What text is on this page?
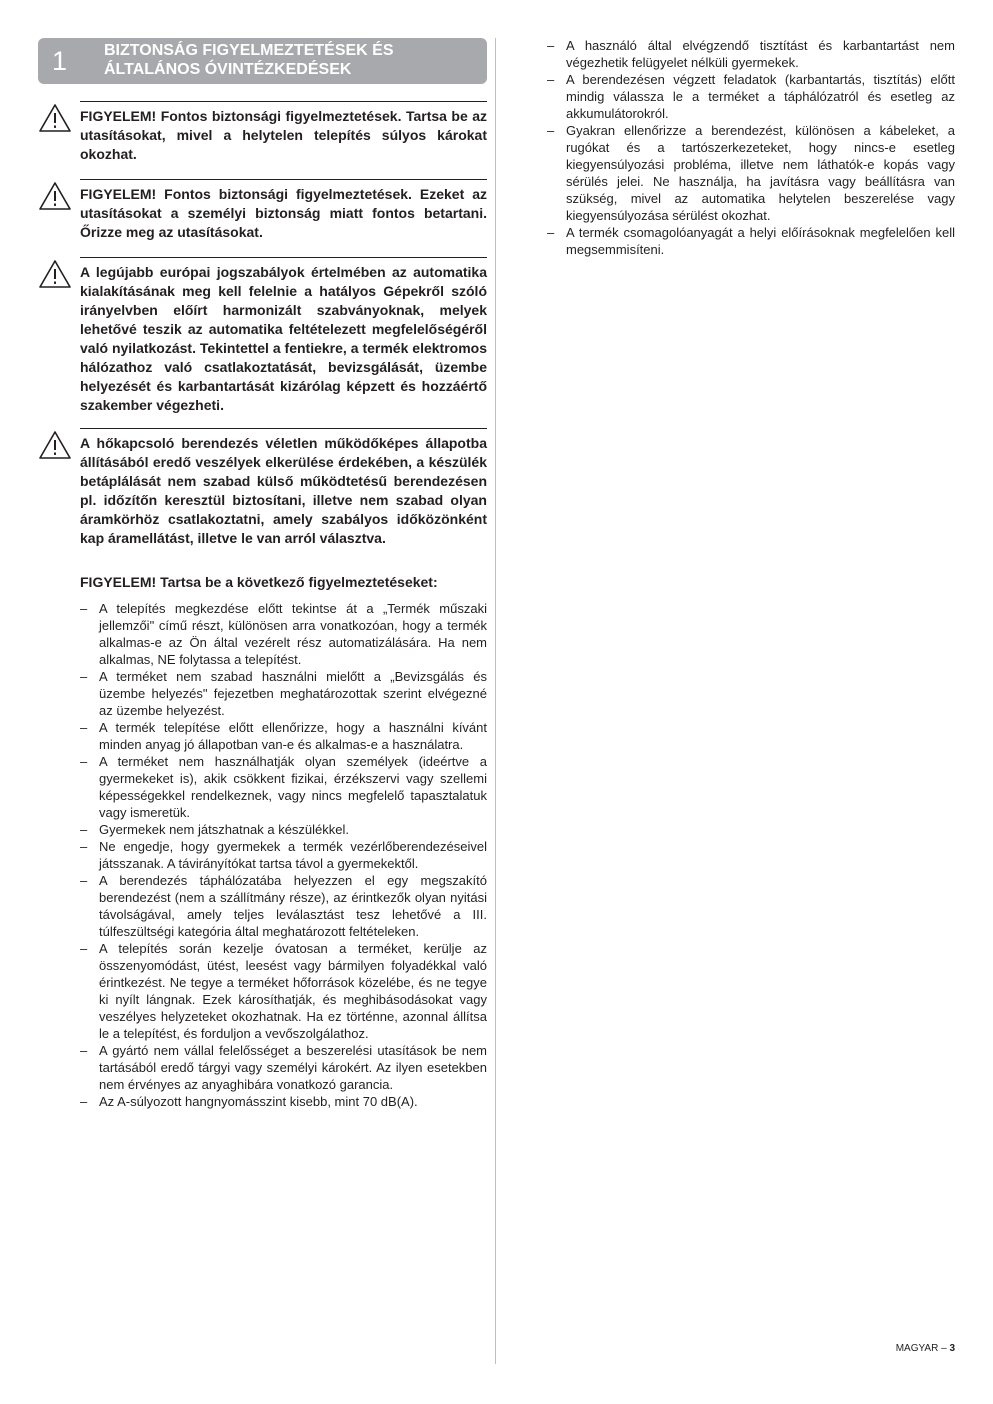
1 BIZTONSÁG FIGYELMEZTETÉSEK ÉS ÁLTALÁNOS ÓVINTÉZKEDÉSEK
FIGYELEM! Fontos biztonsági figyelmeztetések. Tartsa be az utasításokat, mivel a helytelen telepítés súlyos károkat okozhat.
FIGYELEM! Fontos biztonsági figyelmeztetések. Ezeket az utasításokat a személyi biztonság miatt fontos betartani. Őrizze meg az utasításokat.
A legújabb európai jogszabályok értelmében az automatika kialakításának meg kell felelnie a hatályos Gépekről szóló irányelvben előírt harmonizált szabványoknak, melyek lehetővé teszik az automatika feltételezett megfelelőségéről való nyilatkozást. Tekintettel a fentiekre, a termék elektromos hálózathoz való csatlakoztatását, bevizsgálását, üzembe helyezését és karbantartását kizárólag képzett és hozzáértő szakember végezheti.
A hőkapcsoló berendezés véletlen működőképes állapotba állításából eredő veszélyek elkerülése érdekében, a készülék betáplálását nem szabad külső működtetésű berendezésen pl. időzítőn keresztül biztosítani, illetve nem szabad olyan áramkörhöz csatlakoztatni, amely szabályos időközönként kap áramellátást, illetve le van arról választva.
FIGYELEM! Tartsa be a következő figyelmeztetéseket:
– A telepítés megkezdése előtt tekintse át a „Termék műszaki jellemzői" című részt, különösen arra vonatkozóan, hogy a termék alkalmas-e az Ön által vezérelt rész automatizálására. Ha nem alkalmas, NE folytassa a telepítést.
– A terméket nem szabad használni mielőtt a „Bevizsgálás és üzembe helyezés" fejezetben meghatározottak szerint elvégezné az üzembe helyezést.
– A termék telepítése előtt ellenőrizze, hogy a használni kívánt minden anyag jó állapotban van-e és alkalmas-e a használatra.
– A terméket nem használhatják olyan személyek (ideértve a gyermekeket is), akik csökkent fizikai, érzékszervi vagy szellemi képességekkel rendelkeznek, vagy nincs megfelelő tapasztalatuk vagy ismeretük.
– Gyermekek nem játszhatnak a készülékkel.
– Ne engedje, hogy gyermekek a termék vezérlőberendezéseivel játsszanak. A távirányítókat tartsa távol a gyermekektől.
– A berendezés táphálózatába helyezzen el egy megszakító berendezést (nem a szállítmány része), az érintkezők olyan nyitási távolságával, amely teljes leválasztást tesz lehetővé a III. túlfeszültségi kategória által meghatározott feltételeken.
– A telepítés során kezelje óvatosan a terméket, kerülje az összenyomódást, ütést, leesést vagy bármilyen folyadékkal való érintkezést. Ne tegye a terméket hőforrások közelébe, és ne tegye ki nyílt lángnak. Ezek károsíthatják, és meghibásodásokat vagy veszélyes helyzeteket okozhatnak. Ha ez történne, azonnal állítsa le a telepítést, és forduljon a vevőszolgálathoz.
– A gyártó nem vállal felelősséget a beszerelési utasítások be nem tartásából eredő tárgyi vagy személyi károkért. Az ilyen esetekben nem érvényes az anyaghibára vonatkozó garancia.
– Az A-súlyozott hangnyomásszint kisebb, mint 70 dB(A).
– A használó által elvégzendő tisztítást és karbantartást nem végezhetik felügyelet nélküli gyermekek.
– A berendezésen végzett feladatok (karbantartás, tisztítás) előtt mindig válassza le a terméket a táphálózatról és esetleg az akkumulátorokról.
– Gyakran ellenőrizze a berendezést, különösen a kábeleket, a rugókat és a tartószerkezeteket, hogy nincs-e esetleg kiegyensúlyozási probléma, illetve nem láthatók-e kopás vagy sérülés jelei. Ne használja, ha javításra vagy beállításra van szükség, mivel az automatika helytelen beszerelése vagy kiegyensúlyozása sérülést okozhat.
– A termék csomagolóanyagát a helyi előírásoknak megfelelően kell megsemmisíteni.
MAGYAR – 3
